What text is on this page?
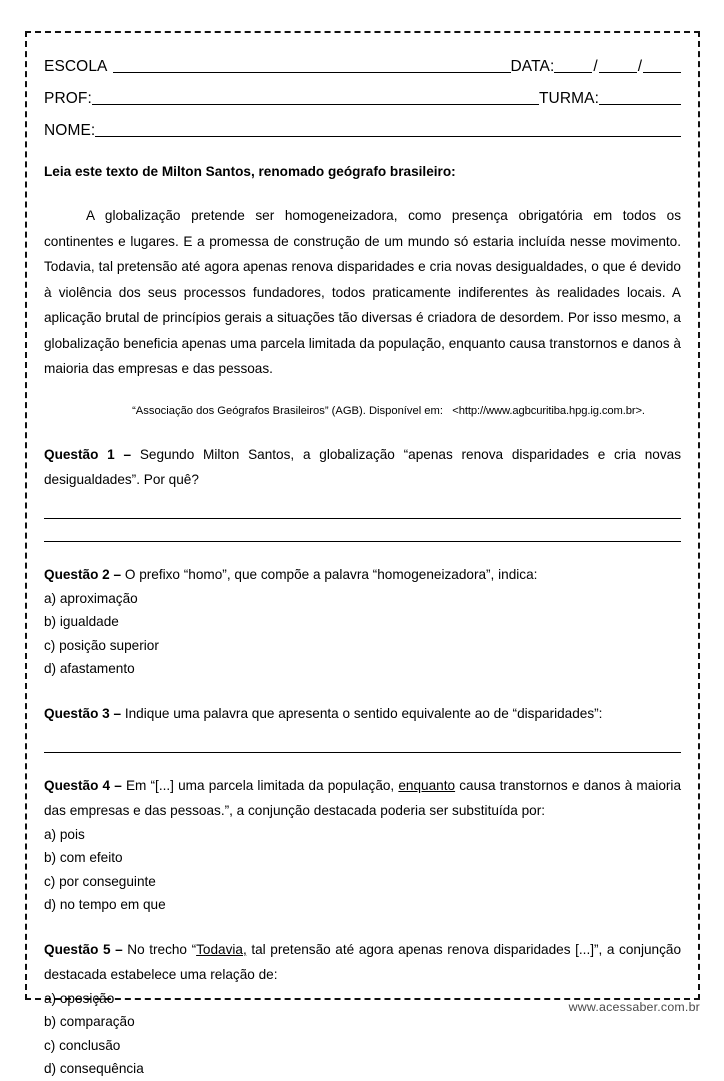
ESCOLA	DATA:	/	/
PROF:	TURMA:
NOME:
Leia este texto de Milton Santos, renomado geógrafo brasileiro:
A globalização pretende ser homogeneizadora, como presença obrigatória em todos os continentes e lugares. E a promessa de construção de um mundo só estaria incluída nesse movimento. Todavia, tal pretensão até agora apenas renova disparidades e cria novas desigualdades, o que é devido à violência dos seus processos fundadores, todos praticamente indiferentes às realidades locais. A aplicação brutal de princípios gerais a situações tão diversas é criadora de desordem. Por isso mesmo, a globalização beneficia apenas uma parcela limitada da população, enquanto causa transtornos e danos à maioria das empresas e das pessoas.
“Associação dos Geógrafos Brasileiros” (AGB). Disponível em: <http://www.agbcuritiba.hpg.ig.com.br>.
Questão 1 – Segundo Milton Santos, a globalização “apenas renova disparidades e cria novas desigualdades”. Por quê?
Questão 2 – O prefixo “homo”, que compõe a palavra “homogeneizadora”, indica:
a) aproximação
b) igualdade
c) posição superior
d) afastamento
Questão 3 – Indique uma palavra que apresenta o sentido equivalente ao de “disparidades”:
Questão 4 – Em “[...] uma parcela limitada da população, enquanto causa transtornos e danos à maioria das empresas e das pessoas.”, a conjunção destacada poderia ser substituída por:
a) pois
b) com efeito
c) por conseguinte
d) no tempo em que
Questão 5 – No trecho “Todavia, tal pretensão até agora apenas renova disparidades [...]”, a conjunção destacada estabelece uma relação de:
a) oposição
b) comparação
c) conclusão
d) consequência
www.acessaber.com.br
